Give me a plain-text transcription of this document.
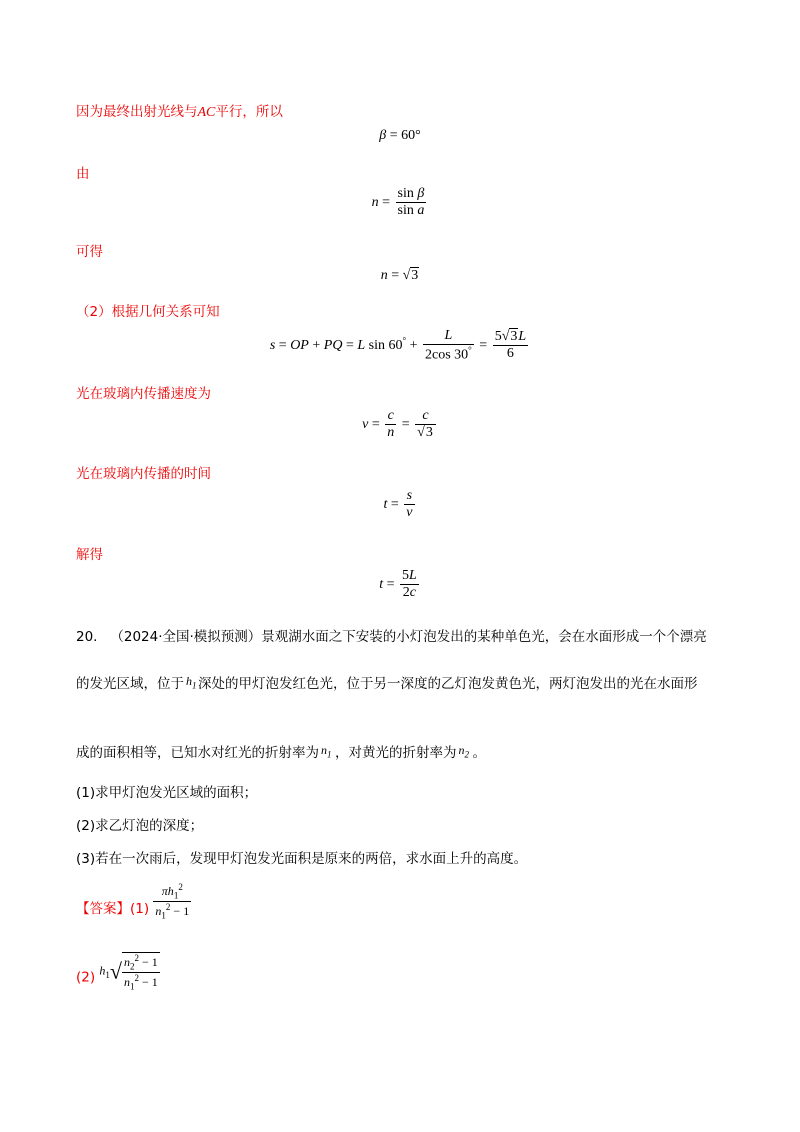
因为最终出射光线与AC平行，所以
β = 60°
由
$n = \frac{\text{sin β}}{\text{sin a}}$
可得
n = √3
（2）根据几何关系可知
s = OP + PQ = L $\sin 60^\circ + \frac{L}{2\cos 30^\circ} = \frac{5√3L}{6}$
光在玻璃内传播速度为
$v = \frac{c}{n} = \frac{c}{√3}$
光在玻璃内传播的时间
$t = \frac{s}{v}$
解得
$t = \frac{5L}{2c}$
20. （2024·全国·模拟预测）景观湖水面之下安装的小灯泡发出的某种单色光，会在水面形成一个个漂亮
的发光区域，位于 $h_1$ 深处的甲灯泡发红色光，位于另一深度的乙灯泡发黄色光，两灯泡发出的光在水面形
成的面积相等，已知水对红光的折射率为 $n_1$ ，对黄光的折射率为 $n_2$ 。
(1)求甲灯泡发光区域的面积；
(2)求乙灯泡的深度；
(3)若在一次雨后，发现甲灯泡发光面积是原来的两倍，求水面上升的高度。
【答案】$(1) \frac{\pi h_1^2}{n_1^2 - 1}$
(2) $h_1√ \frac{n_2^2 - 1}{n_1^2 - 1}$
